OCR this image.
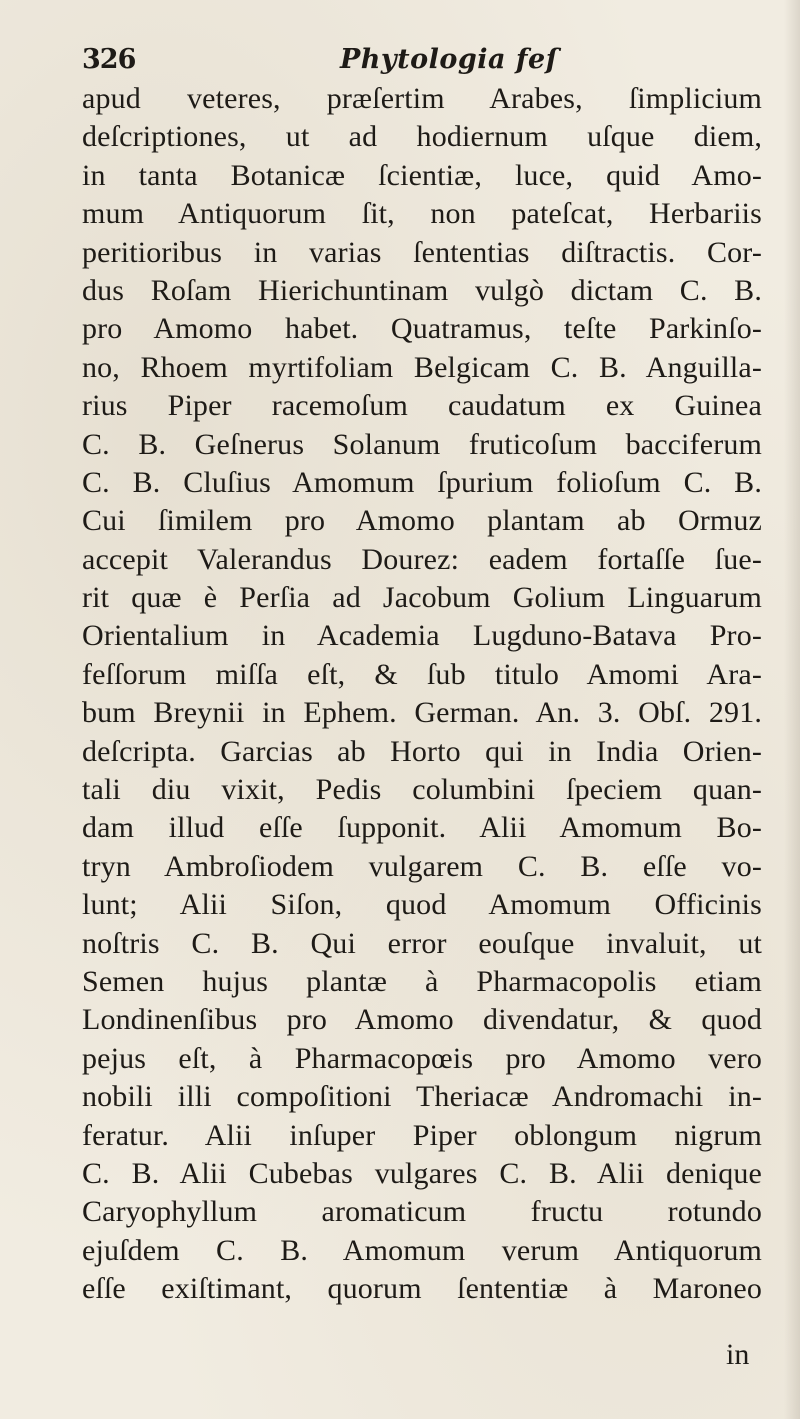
326	Phytologia feſ
apud veteres, præſertim Arabes, ſimplicium
deſcriptiones, ut ad hodiernum uſque diem,
in tanta Botanicæ ſcientiæ, luce, quid Amo-
mum Antiquorum ſit, non pateſcat, Herbariis
peritioribus in varias ſententias diſtractis. Cor-
dus Roſam Hierichuntinam vulgò dictam C. B.
pro Amomo habet. Quatramus, teſte Parkinſo-
no, Rhoem myrtifoliam Belgicam C. B. Anguilla-
rius Piper racemoſum caudatum ex Guinea
C. B. Geſnerus Solanum fruticoſum bacciferum
C. B. Cluſius Amomum ſpurium folioſum C. B.
Cui ſimilem pro Amomo plantam ab Ormuz
accepit Valerandus Dourez: eadem fortaſſe ſue-
rit quæ è Perſia ad Jacobum Golium Linguarum
Orientalium in Academia Lugduno-Batava Pro-
feſſorum miſſa eſt, & ſub titulo Amomi Ara-
bum Breynii in Ephem. German. An. 3. Obſ. 291.
deſcripta. Garcias ab Horto qui in India Orien-
tali diu vixit, Pedis columbini ſpeciem quan-
dam illud eſſe ſupponit. Alii Amomum Bo-
tryn Ambroſiodem vulgarem C. B. eſſe vo-
lunt; Alii Siſon, quod Amomum Officinis
noſtris C. B. Qui error eouſque invaluit, ut
Semen hujus plantæ à Pharmacopolis etiam
Londinenſibus pro Amomo divendatur, & quod
pejus eſt, à Pharmacopœis pro Amomo vero
nobili illi compoſitioni Theriacæ Andromachi in-
feratur. Alii inſuper Piper oblongum nigrum
C. B. Alii Cubebas vulgares C. B. Alii denique
Caryophyllum aromaticum fructu rotundo
ejuſdem C. B. Amomum verum Antiquorum
eſſe exiſtimant, quorum ſententiæ à Maroneo
in
